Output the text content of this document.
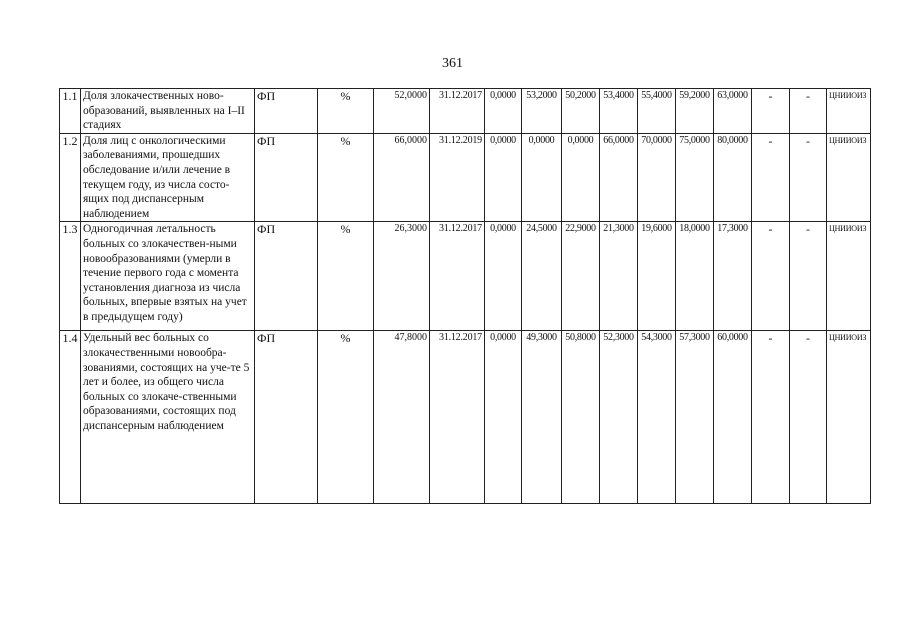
361
1.1	Доля злокачественных ново-образований, выявленных на I–II стадиях	ФП	%	52,0000	31.12.2017	0,0000	53,2000	50,2000	53,4000	55,4000	59,2000	63,0000	-	-	ЦНИИОИЗ
1.2	Доля лиц с онкологическими заболеваниями, прошедших обследование и/или лечение в текущем году, из числа состо-ящих под диспансерным наблюдением	ФП	%	66,0000	31.12.2019	0,0000	0,0000	0,0000	66,0000	70,0000	75,0000	80,0000	-	-	ЦНИИОИЗ
1.3	Одногодичная летальность больных со злокачествен-ными новообразованиями (умерли в течение первого года с момента установления диагноза из числа больных, впервые взятых на учет в предыдущем году)	ФП	%	26,3000	31.12.2017	0,0000	24,5000	22,9000	21,3000	19,6000	18,0000	17,3000	-	-	ЦНИИОИЗ
1.4	Удельный вес больных со злокачественными новообра-зованиями, состоящих на уче-те 5 лет и более, из общего числа больных со злокаче-ственными образованиями, состоящих под диспансерным наблюдением	ФП	%	47,8000	31.12.2017	0,0000	49,3000	50,8000	52,3000	54,3000	57,3000	60,0000	-	-	ЦНИИОИЗ
